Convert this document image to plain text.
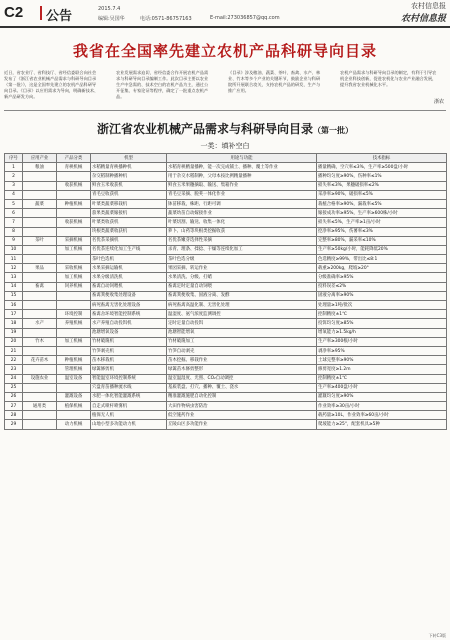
C2 公告	2015.7.4
编辑:吴国华	电话:0571-86757163	E-mail:273036857@qq.com
农村信息报
农村信息报
我省在全国率先建立农机产品科研导向目录
近日，省农业厅、省科技厅、省经信委联合向社会发布了《浙江省农业机械产品需求与科研导向目录（第一批）》，这是全国率先建立的农机产品科研导向目录。《目录》以应用需求为导向，明确新技术、新产品研发方向。
农业发展需求迫切，省经信委合作开展农机产品需求与科研导向目录编制工作。此次目录主要以农业生产中急需的、技术空白的农机产品为主，通过公开征集、专家论证等程序，确定了一批重点农机产品。
《目录》涉及粮油、蔬菜、茶叶、畜禽、水产、林业、竹木等多个产业的关键环节，鼓励企业与科研院所开展联合攻关，支持农机产品的研发、生产与推广应用。
农机产品需求与科研导向目录的制定，有利于引导农机企业科技创新，促进农机化与农业产业融合发展，提升我省农业机械化水平。
浙农
浙江省农业机械产品需求与科研导向目录（第一批）
一类：填补空白
序号	应用产业	产品分类	机型	用途与功能	技术指标
1	粮油	育秧机械	水稻精量育秧播种机	水稻育秧精量播种，能一次完成铺土、播种、覆土等作业	播量精确，空穴率≤3%，生产率≥500盘/小时
2			杂交稻制种播种机	用于杂交水稻制种，父母本按比例精量播种	播种均匀度≥90%，伤种率≤1%
3		收获机械	鲜食玉米收获机	鲜食玉米果穗摘取、输送、集箱作业	损失率≤3%，果穗破损率≤2%
4			青毛豆收获机	青毛豆采摘、脱荚一体化作业	采净率≥90%，破损率≤5%
5	蔬菜	种植机械	叶菜类蔬菜移栽机	钵苗移栽，株距、行距可调	栽植合格率≥90%，漏栽率≤5%
6			茄果类蔬菜嫁接机	蔬菜幼苗自动嫁接作业	嫁接成功率≥95%，生产率≥600株/小时
7		收获机械	叶菜类收获机	叶菜切割、输送、收集一体化	损失率≤5%，生产率≥1亩/小时
8			块根类蔬菜收获机	萝卜、山药等块根类挖掘收获	挖净率≥95%，伤薯率≤3%
9	茶叶	采摘机械	名优茶采摘机	名优茶嫩芽选择性采摘	完整率≥80%，漏采率≤10%
10		加工机械	名优茶连续化加工生产线	杀青、理条、揉捻、干燥等连续化加工	生产率≥50kg/小时，能耗降低20%
11			茶叶色选机	茶叶色选分级	色选精度≥99%，带出比≤8:1
12	果品	采收机械	水果采摘运输机	果园采摘、转运作业	载重≥200kg，爬坡≥20°
13		加工机械	水果分级清洗机	水果清洗、分级、打蜡	分级准确率≥95%
14	畜禽	饲养机械	畜禽自动饲喂机	畜禽定时定量自动饲喂	投料误差≤2%
15			畜禽粪便收集处理设备	畜禽粪便收集、固液分离、发酵	固液分离率≥90%
16			病死畜禽无害化处理设备	病死畜禽高温化制、无害化处理	处理量≥1吨/批次
17		环境控制	畜禽舍环境智能控制系统	温湿度、氨气浓度监测调控	控制精度±1℃
18	水产	养殖机械	水产养殖自动投饵机	定时定量自动投饵	投饵均匀度≥85%
19			池塘增氧设备	池塘智能增氧	增氧能力≥1.5kg/h
20	竹木	加工机械	竹材破篾机	竹材破篾加工	生产率≥300根/小时
21			竹笋剥壳机	竹笋自动剥壳	剥净率≥95%
22	花卉苗木	种植机械	苗木移栽机	苗木挖掘、移栽作业	土球完整率≥90%
23		管理机械	绿篱修剪机	绿篱苗木修剪整形	修剪宽度≥1.2m
24	设施农业	温室设备	智能温室环境控制系统	温室温湿度、光照、CO₂自动调控	控制精度±1℃
25			穴盘育苗播种流水线	基质装盘、打穴、播种、覆土、浇水	生产率≥400盘/小时
26		灌溉设备	水肥一体化智能灌溉系统	精准灌溉施肥自动化控制	灌溉均匀度≥90%
27	通用类	植保机械	自走式喷杆喷雾机	大田作物病虫害防治	作业效率≥30亩/小时
28			植保无人机	低空施药作业	载药量≥10L，作业效率≥60亩/小时
29		动力机械	山地小型多功能动力机	丘陵山区多功能作业	爬坡能力≥25°，配套机具≥5种
下转C3版
